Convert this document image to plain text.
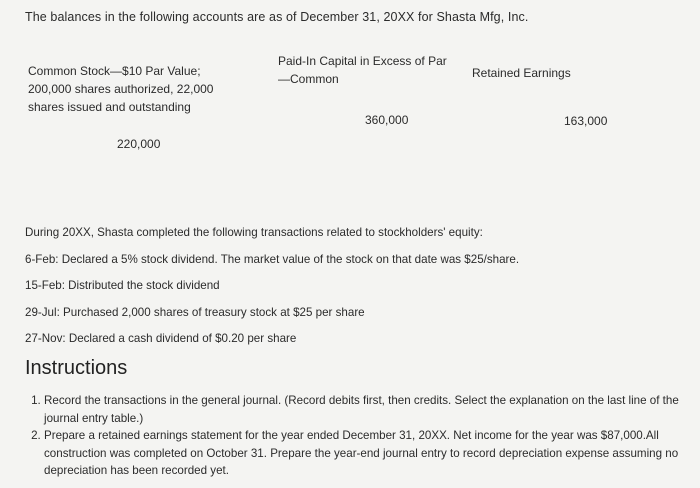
The balances in the following accounts are as of December 31, 20XX for Shasta Mfg, Inc.
Common Stock—$10 Par Value;
200,000 shares authorized, 22,000
shares issued and outstanding
Paid-In Capital in Excess of Par
—Common	Retained Earnings
220,000
360,000	163,000
During 20XX, Shasta completed the following transactions related to stockholders' equity:
6-Feb: Declared a 5% stock dividend. The market value of the stock on that date was $25/share.
15-Feb: Distributed the stock dividend
29-Jul: Purchased 2,000 shares of treasury stock at $25 per share
27-Nov: Declared a cash dividend of $0.20 per share
Instructions
1. Record the transactions in the general journal. (Record debits first, then credits. Select the explanation on the last line of the journal entry table.)
2. Prepare a retained earnings statement for the year ended December 31, 20XX. Net income for the year was $87,000.All construction was completed on October 31. Prepare the year-end journal entry to record depreciation expense assuming no depreciation has been recorded yet.
